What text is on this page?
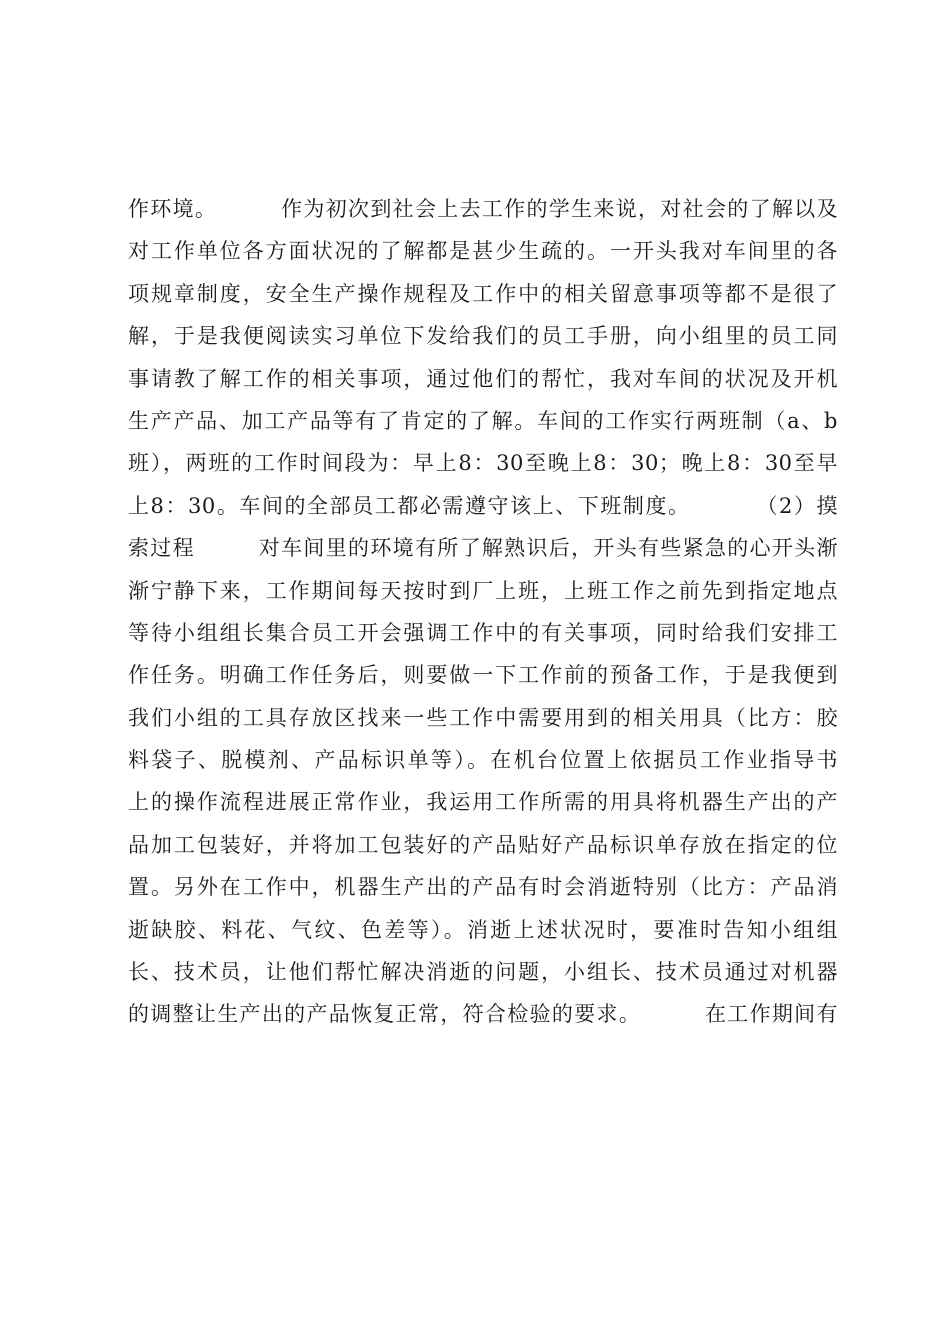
作环境。        作为初次到社会上去工作的学生来说，对社会的了解以及
对工作单位各方面状况的了解都是甚少生疏的。一开头我对车间里的各
项规章制度，安全生产操作规程及工作中的相关留意事项等都不是很了
解，于是我便阅读实习单位下发给我们的员工手册，向小组里的员工同
事请教了解工作的相关事项，通过他们的帮忙，我对车间的状况及开机
生产产品、加工产品等有了肯定的了解。车间的工作实行两班制（a、b
班），两班的工作时间段为：早上8：30至晚上8：30；晚上8：30至早
上8：30。车间的全部员工都必需遵守该上、下班制度。        （2）摸
索过程        对车间里的环境有所了解熟识后，开头有些紧急的心开头渐
渐宁静下来，工作期间每天按时到厂上班，上班工作之前先到指定地点
等待小组组长集合员工开会强调工作中的有关事项，同时给我们安排工
作任务。明确工作任务后，则要做一下工作前的预备工作，于是我便到
我们小组的工具存放区找来一些工作中需要用到的相关用具（比方：胶
料袋子、脱模剂、产品标识单等）。在机台位置上依据员工作业指导书
上的操作流程进展正常作业，我运用工作所需的用具将机器生产出的产
品加工包装好，并将加工包装好的产品贴好产品标识单存放在指定的位
置。另外在工作中，机器生产出的产品有时会消逝特别（比方：产品消
逝缺胶、料花、气纹、色差等）。消逝上述状况时，要准时告知小组组
长、技术员，让他们帮忙解决消逝的问题，小组长、技术员通过对机器
的调整让生产出的产品恢复正常，符合检验的要求。        在工作期间有
